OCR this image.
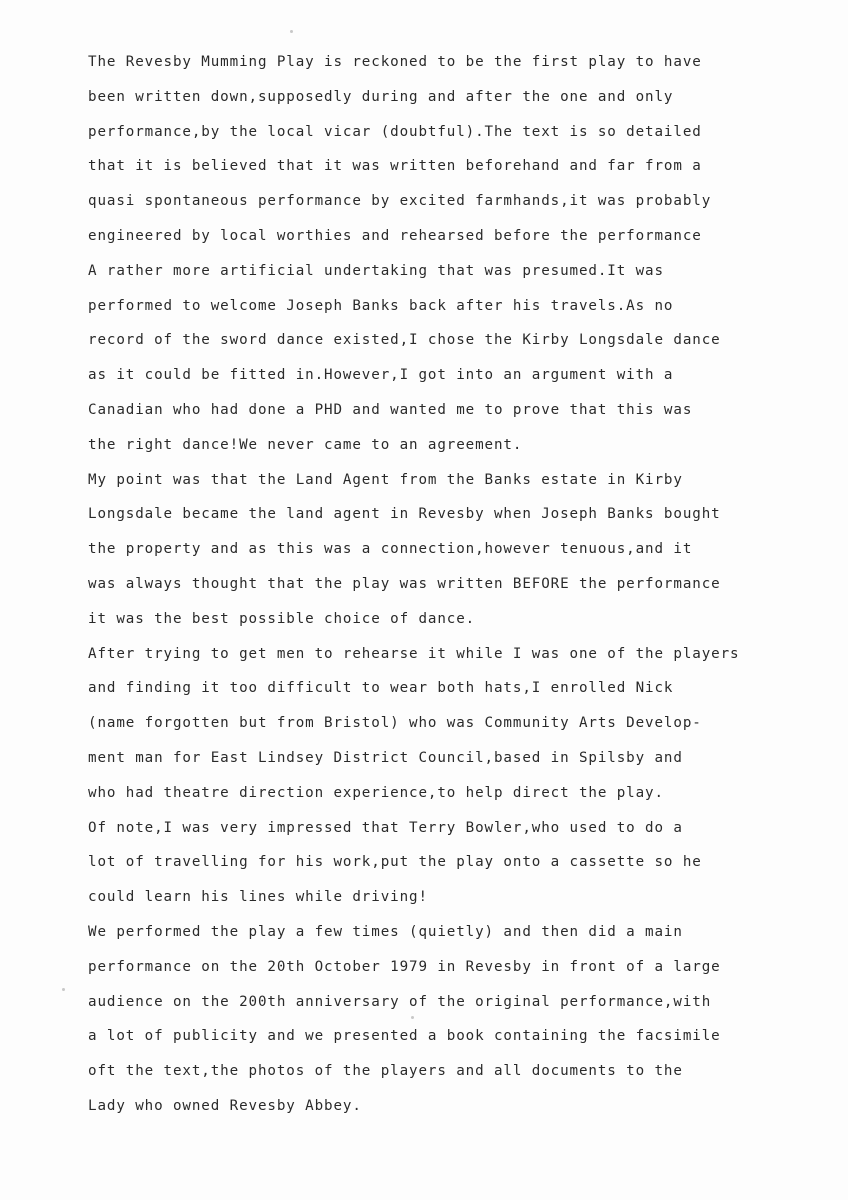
The Revesby Mumming Play is reckoned to be the first play to have
been written down,supposedly during and after the one and only
performance,by the local vicar (doubtful).The text is so detailed
that it is believed that it was written beforehand and far from a
quasi spontaneous performance by excited farmhands,it was probably
engineered by local worthies and rehearsed before the performance
A rather more artificial undertaking that was presumed.It was
performed to welcome Joseph Banks back after his travels.As no
record of the sword dance existed,I chose the Kirby Longsdale dance
as it could be fitted in.However,I got into an argument with a
Canadian who had done a PHD and wanted me to prove that this was
the right dance!We never came to an agreement.
My point was that the Land Agent from the Banks estate in Kirby
Longsdale became the land agent in Revesby when Joseph Banks bought
the property and as this was a connection,however tenuous,and it
was always thought that the play was written BEFORE the performance
it was the best possible choice of dance.
After trying to get men to rehearse it while I was one of the players
and finding it too difficult to wear both hats,I enrolled Nick
(name forgotten but from Bristol) who was Community Arts Develop-
ment man for East Lindsey District Council,based in Spilsby and
who had theatre direction experience,to help direct the play.
Of note,I was very impressed that Terry Bowler,who used to do a
lot of travelling for his work,put the play onto a cassette so he
could learn his lines while driving!
We performed the play a few times (quietly) and then did a main
performance on the 20th October 1979 in Revesby in front of a large
audience on the 200th anniversary of the original performance,with
a lot of publicity and we presented a book containing the facsimile
oft the text,the photos of the players and all documents to the
Lady who owned Revesby Abbey.
